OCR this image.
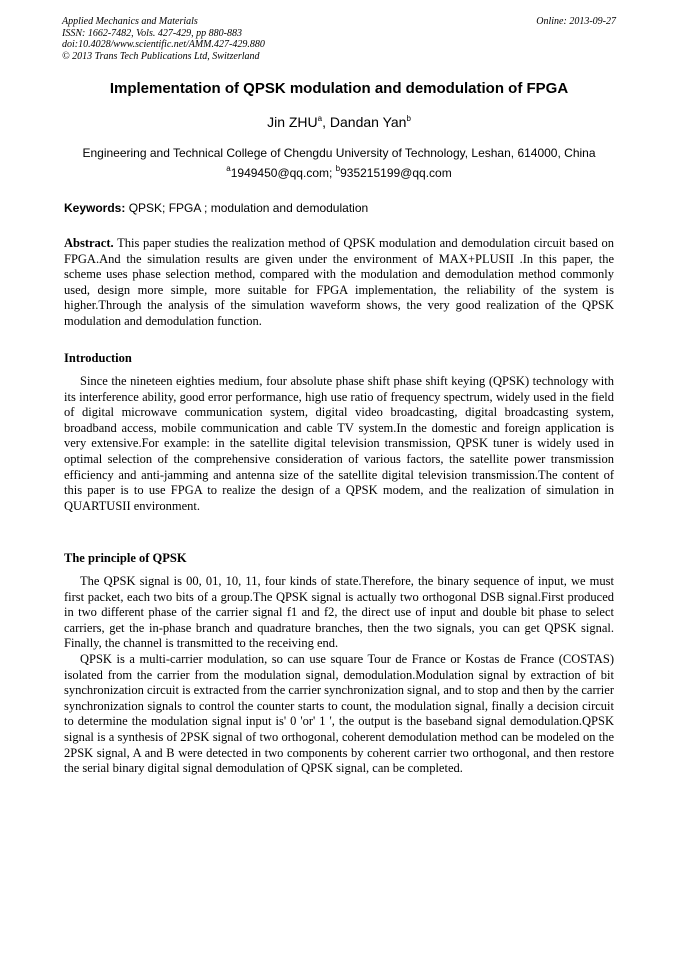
Applied Mechanics and Materials
ISSN: 1662-7482, Vols. 427-429, pp 880-883
doi:10.4028/www.scientific.net/AMM.427-429.880
© 2013 Trans Tech Publications Ltd, Switzerland
Online: 2013-09-27
Implementation of QPSK modulation and demodulation of FPGA
Jin ZHU$^a$, Dandan Yan$^b$
Engineering and Technical College of Chengdu University of Technology, Leshan, 614000, China
$^a$1949450@qq.com; $^b$935215199@qq.com
Keywords: QPSK; FPGA ; modulation and demodulation
Abstract. This paper studies the realization method of QPSK modulation and demodulation circuit based on FPGA.And the simulation results are given under the environment of MAX+PLUSII .In this paper, the scheme uses phase selection method, compared with the modulation and demodulation method commonly used, design more simple, more suitable for FPGA implementation, the reliability of the system is higher.Through the analysis of the simulation waveform shows, the very good realization of the QPSK modulation and demodulation function.
Introduction
Since the nineteen eighties medium, four absolute phase shift phase shift keying (QPSK) technology with its interference ability, good error performance, high use ratio of frequency spectrum, widely used in the field of digital microwave communication system, digital video broadcasting, digital broadcasting system, broadband access, mobile communication and cable TV system.In the domestic and foreign application is very extensive.For example: in the satellite digital television transmission, QPSK tuner is widely used in optimal selection of the comprehensive consideration of various factors, the satellite power transmission efficiency and anti-jamming and antenna size of the satellite digital television transmission.The content of this paper is to use FPGA to realize the design of a QPSK modem, and the realization of simulation in QUARTUSII environment.
The principle of QPSK
The QPSK signal is 00, 01, 10, 11, four kinds of state.Therefore, the binary sequence of input, we must first packet, each two bits of a group.The QPSK signal is actually two orthogonal DSB signal.First produced in two different phase of the carrier signal f1 and f2, the direct use of input and double bit phase to select carriers, get the in-phase branch and quadrature branches, then the two signals, you can get QPSK signal. Finally, the channel is transmitted to the receiving end.
QPSK is a multi-carrier modulation, so can use square Tour de France or Kostas de France (COSTAS) isolated from the carrier from the modulation signal, demodulation.Modulation signal by extraction of bit synchronization circuit is extracted from the carrier synchronization signal, and to stop and then by the carrier synchronization signals to control the counter starts to count, the modulation signal, finally a decision circuit to determine the modulation signal input is' 0 'or' 1 ', the output is the baseband signal demodulation.QPSK signal is a synthesis of 2PSK signal of two orthogonal, coherent demodulation method can be modeled on the 2PSK signal, A and B were detected in two components by coherent carrier two orthogonal, and then restore the serial binary digital signal demodulation of QPSK signal, can be completed.
